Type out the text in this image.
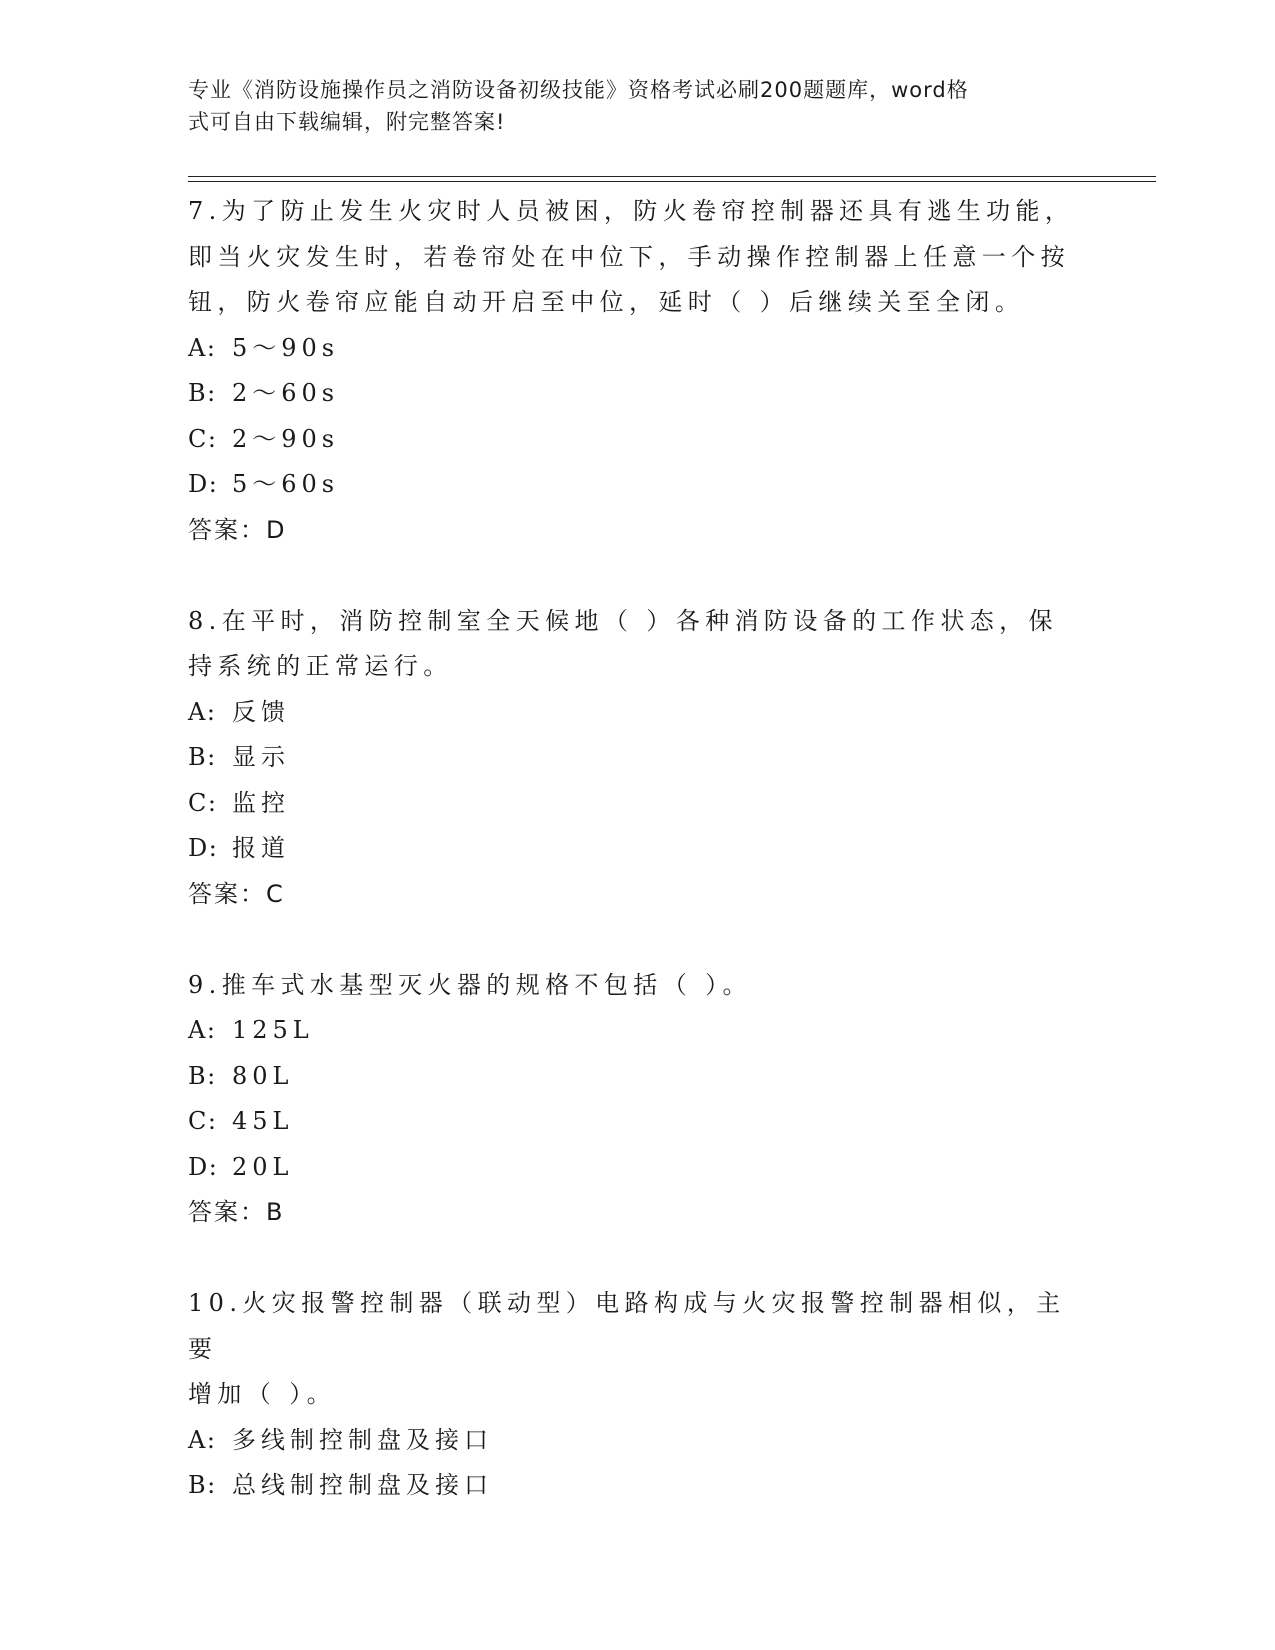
专业《消防设施操作员之消防设备初级技能》资格考试必刷200题题库，word格
式可自由下载编辑，附完整答案!

7.为了防止发生火灾时人员被困，防火卷帘控制器还具有逃生功能，

即当火灾发生时，若卷帘处在中位下，手动操作控制器上任意一个按

钮，防火卷帘应能自动开启至中位，延时（ ）后继续关至全闭。

A: 5～90s

B: 2～60s

C: 2～90s

D: 5～60s

答案：D

8.在平时，消防控制室全天候地（ ）各种消防设备的工作状态，保

持系统的正常运行。

A: 反馈

B: 显示

C: 监控

D: 报道

答案：C

9.推车式水基型灭火器的规格不包括（ ）。

A: 125L

B: 80L

C: 45L

D: 20L

答案：B

10.火灾报警控制器（联动型）电路构成与火灾报警控制器相似，主要

增加（ ）。

A: 多线制控制盘及接口

B: 总线制控制盘及接口
